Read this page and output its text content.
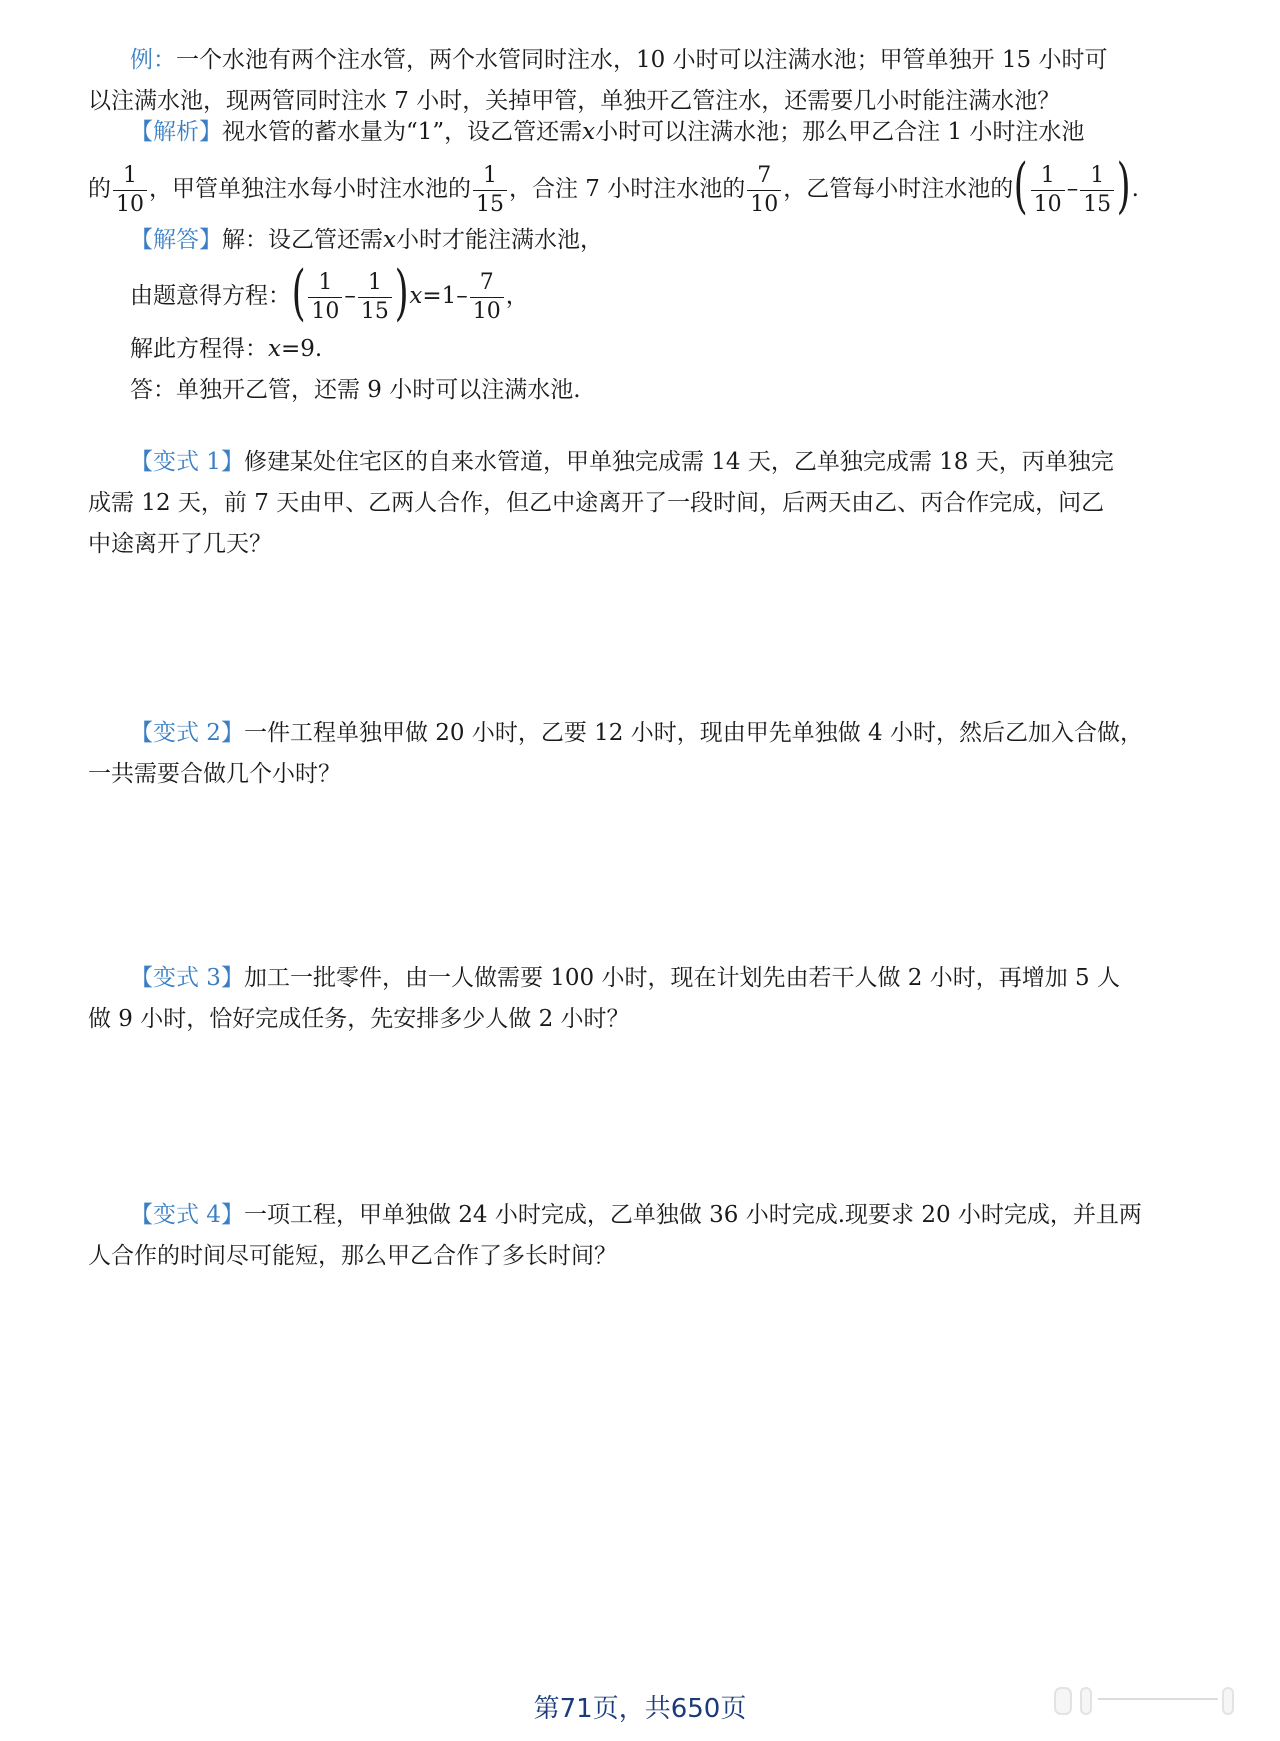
例：一个水池有两个注水管，两个水管同时注水，10 小时可以注满水池；甲管单独开 15 小时可
以注满水池，现两管同时注水 7 小时，关掉甲管，单独开乙管注水，还需要几小时能注满水池？
【解析】视水管的蓄水量为“1”，设乙管还需x小时可以注满水池；那么甲乙合注 1 小时注水池
的 $\frac{1}{10}$ ，甲管单独注水每小时注水池的 $\frac{1}{15}$ ，合注 7 小时注水池的 $\frac{7}{10}$ ，乙管每小时注水池的( $\frac{1}{10} - \frac{1}{15}$ ).
【解答】解：设乙管还需x小时才能注满水池，
由题意得方程：( $\frac{1}{10} - \frac{1}{15} )x=1- \frac{7}{10}$ ，
解此方程得：x=9.
答：单独开乙管，还需 9 小时可以注满水池.
【变式 1】修建某处住宅区的自来水管道，甲单独完成需 14 天，乙单独完成需 18 天，丙单独完
成需 12 天，前 7 天由甲、乙两人合作，但乙中途离开了一段时间，后两天由乙、丙合作完成，问乙
中途离开了几天？
【变式 2】一件工程单独甲做 20 小时，乙要 12 小时，现由甲先单独做 4 小时，然后乙加入合做，
一共需要合做几个小时？
【变式 3】加工一批零件，由一人做需要 100 小时，现在计划先由若干人做 2 小时，再增加 5 人
做 9 小时，恰好完成任务，先安排多少人做 2 小时？
【变式 4】一项工程，甲单独做 24 小时完成，乙单独做 36 小时完成.现要求 20 小时完成，并且两
人合作的时间尽可能短，那么甲乙合作了多长时间？
第71页，共650页
